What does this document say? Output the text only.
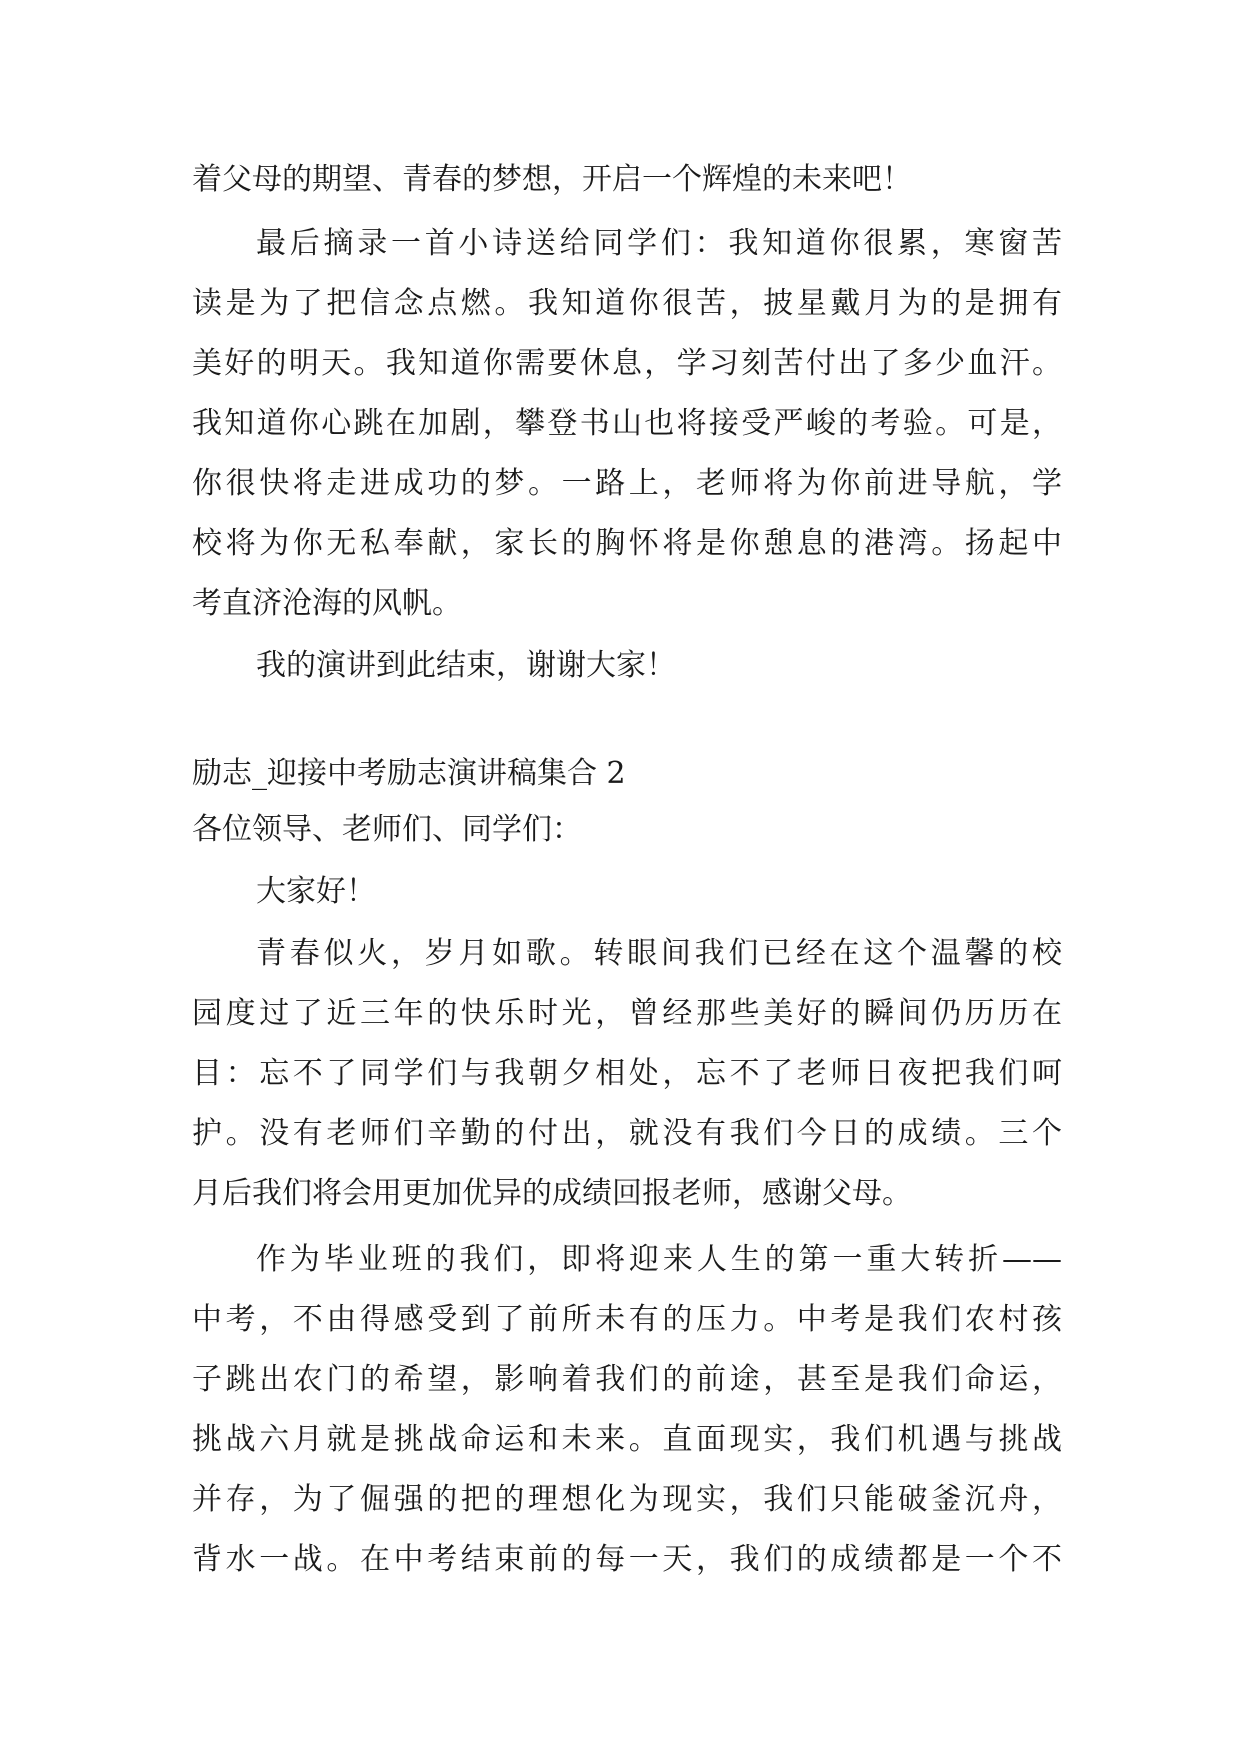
着父母的期望、青春的梦想，开启一个辉煌的未来吧！
最后摘录一首小诗送给同学们：我知道你很累，寒窗苦
读是为了把信念点燃。我知道你很苦，披星戴月为的是拥有
美好的明天。我知道你需要休息，学习刻苦付出了多少血汗。
我知道你心跳在加剧，攀登书山也将接受严峻的考验。可是，
你很快将走进成功的梦。一路上，老师将为你前进导航，学
校将为你无私奉献，家长的胸怀将是你憩息的港湾。扬起中
考直济沧海的风帆。
我的演讲到此结束，谢谢大家！
励志_迎接中考励志演讲稿集合 2
各位领导、老师们、同学们：
大家好！
青春似火，岁月如歌。转眼间我们已经在这个温馨的校
园度过了近三年的快乐时光，曾经那些美好的瞬间仍历历在
目：忘不了同学们与我朝夕相处，忘不了老师日夜把我们呵
护。没有老师们辛勤的付出，就没有我们今日的成绩。三个
月后我们将会用更加优异的成绩回报老师，感谢父母。
作为毕业班的我们，即将迎来人生的第一重大转折——
中考，不由得感受到了前所未有的压力。中考是我们农村孩
子跳出农门的希望，影响着我们的前途，甚至是我们命运，
挑战六月就是挑战命运和未来。直面现实，我们机遇与挑战
并存，为了倔强的把的理想化为现实，我们只能破釜沉舟，
背水一战。在中考结束前的每一天，我们的成绩都是一个不
